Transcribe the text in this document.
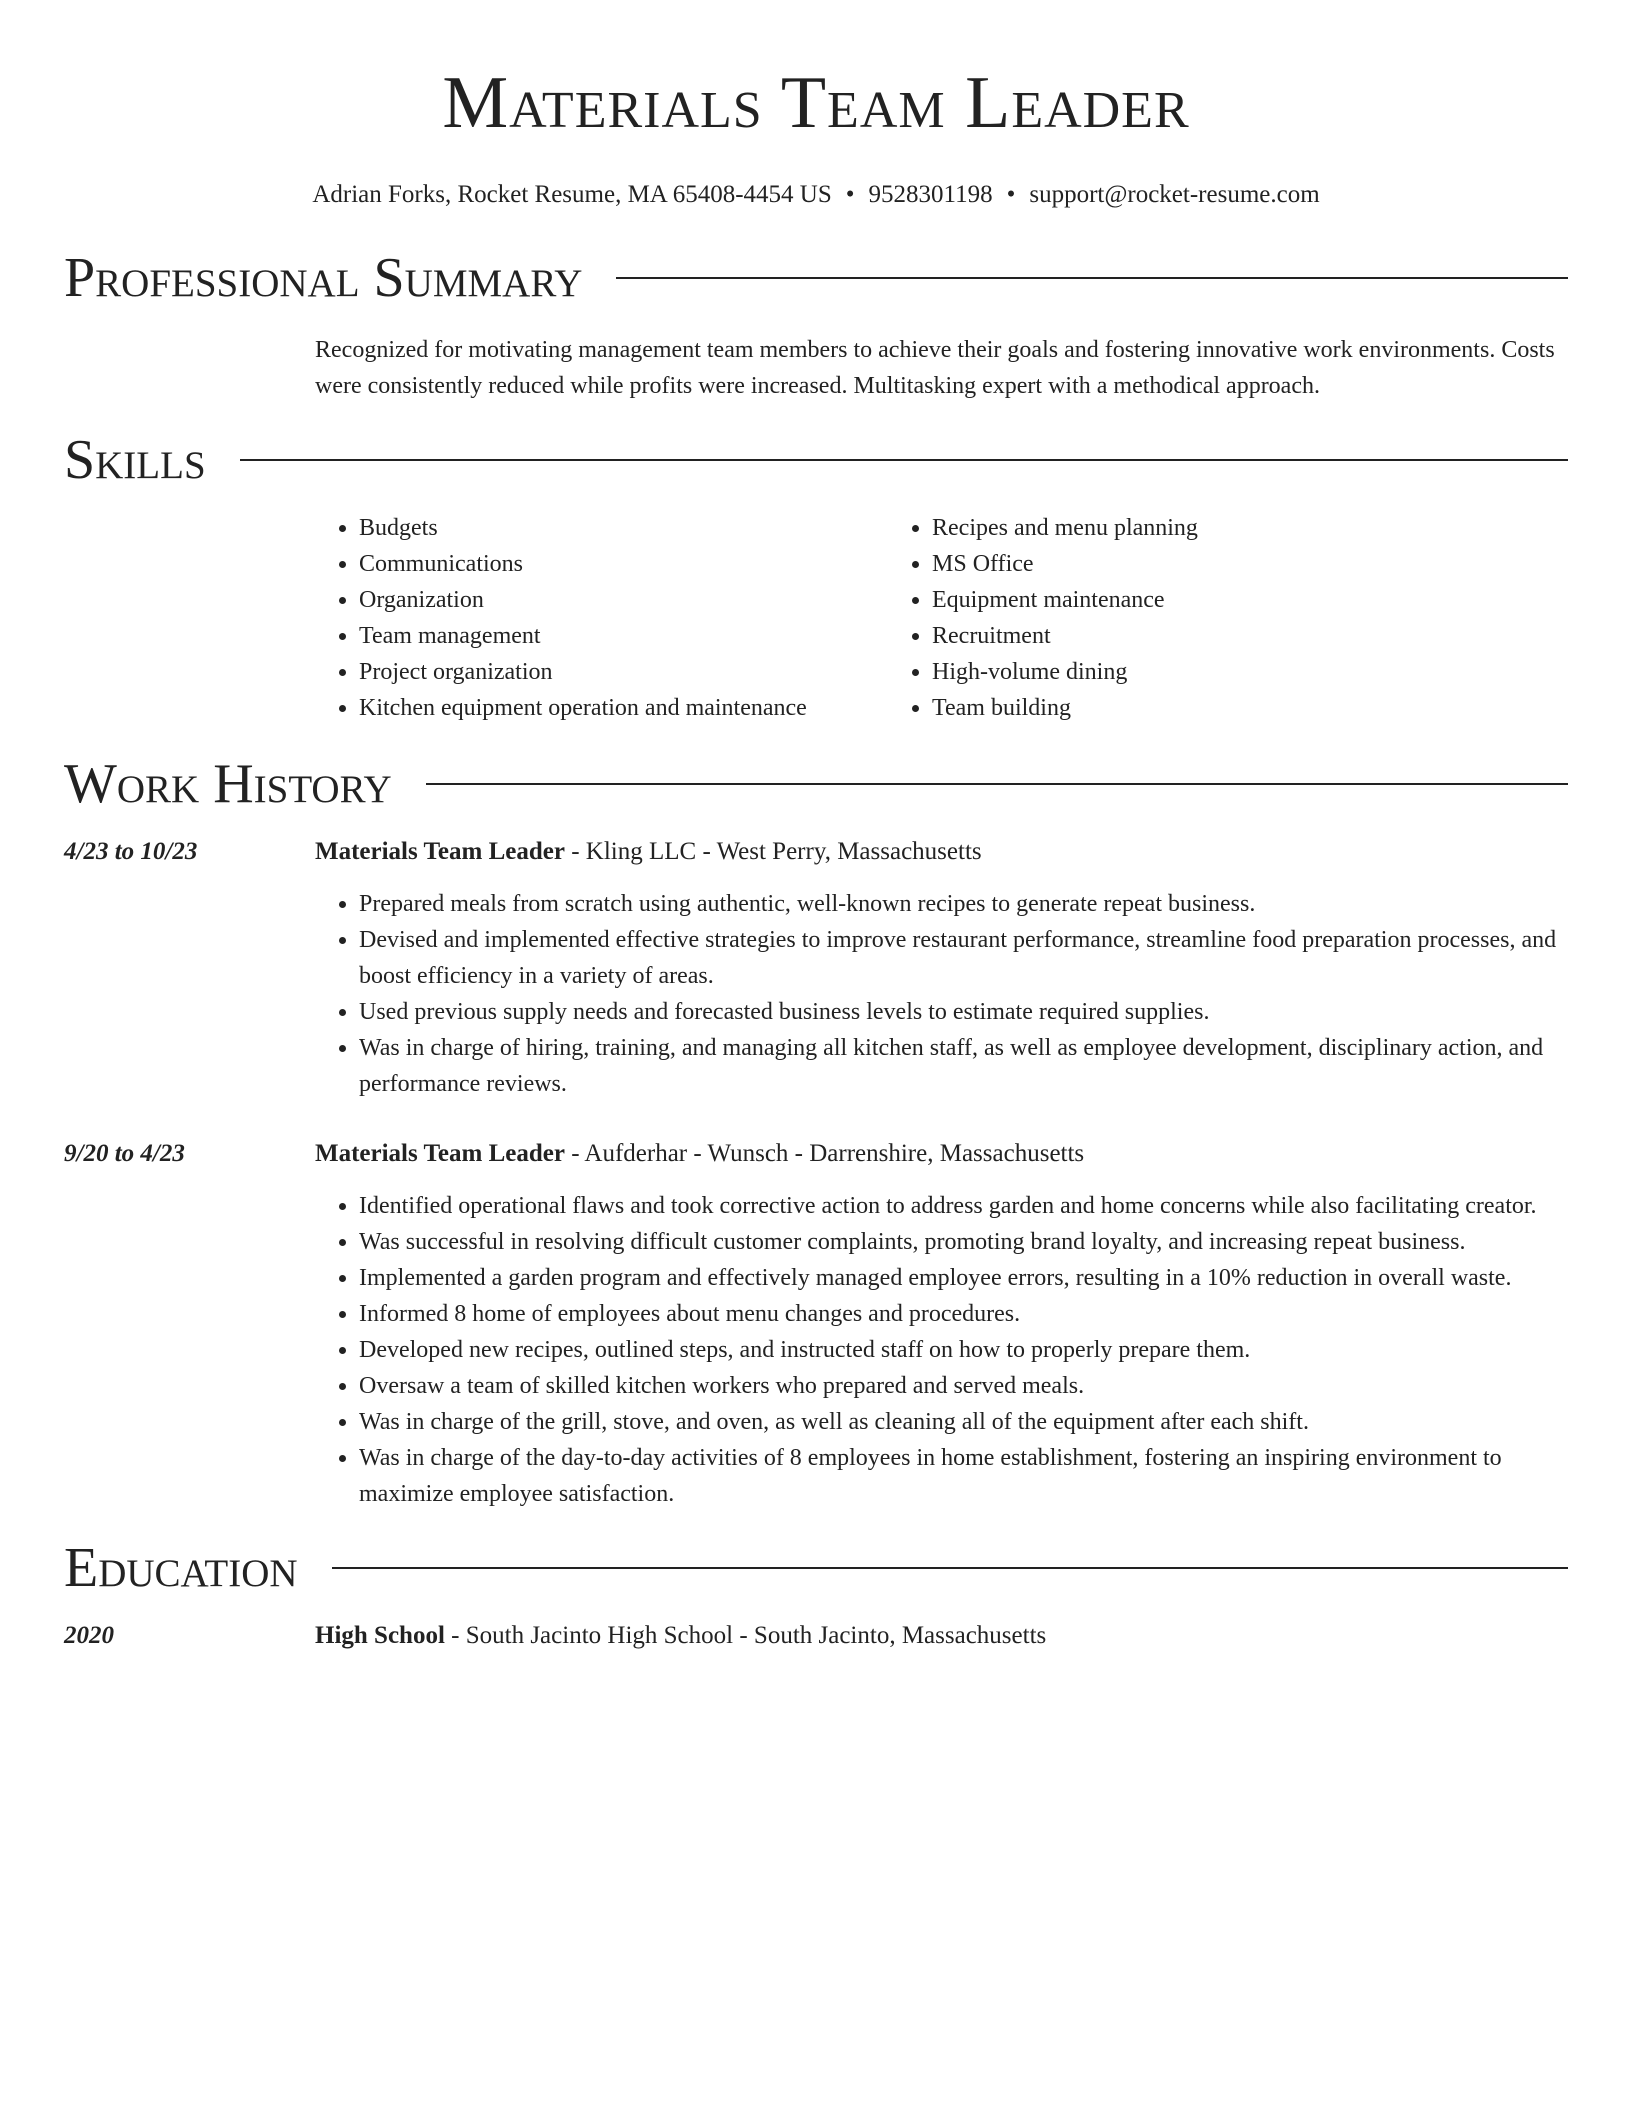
Materials Team Leader
Adrian Forks, Rocket Resume, MA 65408-4454 US • 9528301198 • support@rocket-resume.com
Professional Summary
Recognized for motivating management team members to achieve their goals and fostering innovative work environments. Costs were consistently reduced while profits were increased. Multitasking expert with a methodical approach.
Skills
• Budgets
• Communications
• Organization
• Team management
• Project organization
• Kitchen equipment operation and maintenance
• Recipes and menu planning
• MS Office
• Equipment maintenance
• Recruitment
• High-volume dining
• Team building
Work History
4/23 to 10/23	Materials Team Leader - Kling LLC - West Perry, Massachusetts
• Prepared meals from scratch using authentic, well-known recipes to generate repeat business.
• Devised and implemented effective strategies to improve restaurant performance, streamline food preparation processes, and boost efficiency in a variety of areas.
• Used previous supply needs and forecasted business levels to estimate required supplies.
• Was in charge of hiring, training, and managing all kitchen staff, as well as employee development, disciplinary action, and performance reviews.
9/20 to 4/23	Materials Team Leader - Aufderhar - Wunsch - Darrenshire, Massachusetts
• Identified operational flaws and took corrective action to address garden and home concerns while also facilitating creator.
• Was successful in resolving difficult customer complaints, promoting brand loyalty, and increasing repeat business.
• Implemented a garden program and effectively managed employee errors, resulting in a 10% reduction in overall waste.
• Informed 8 home of employees about menu changes and procedures.
• Developed new recipes, outlined steps, and instructed staff on how to properly prepare them.
• Oversaw a team of skilled kitchen workers who prepared and served meals.
• Was in charge of the grill, stove, and oven, as well as cleaning all of the equipment after each shift.
• Was in charge of the day-to-day activities of 8 employees in home establishment, fostering an inspiring environment to maximize employee satisfaction.
Education
2020	High School - South Jacinto High School - South Jacinto, Massachusetts
